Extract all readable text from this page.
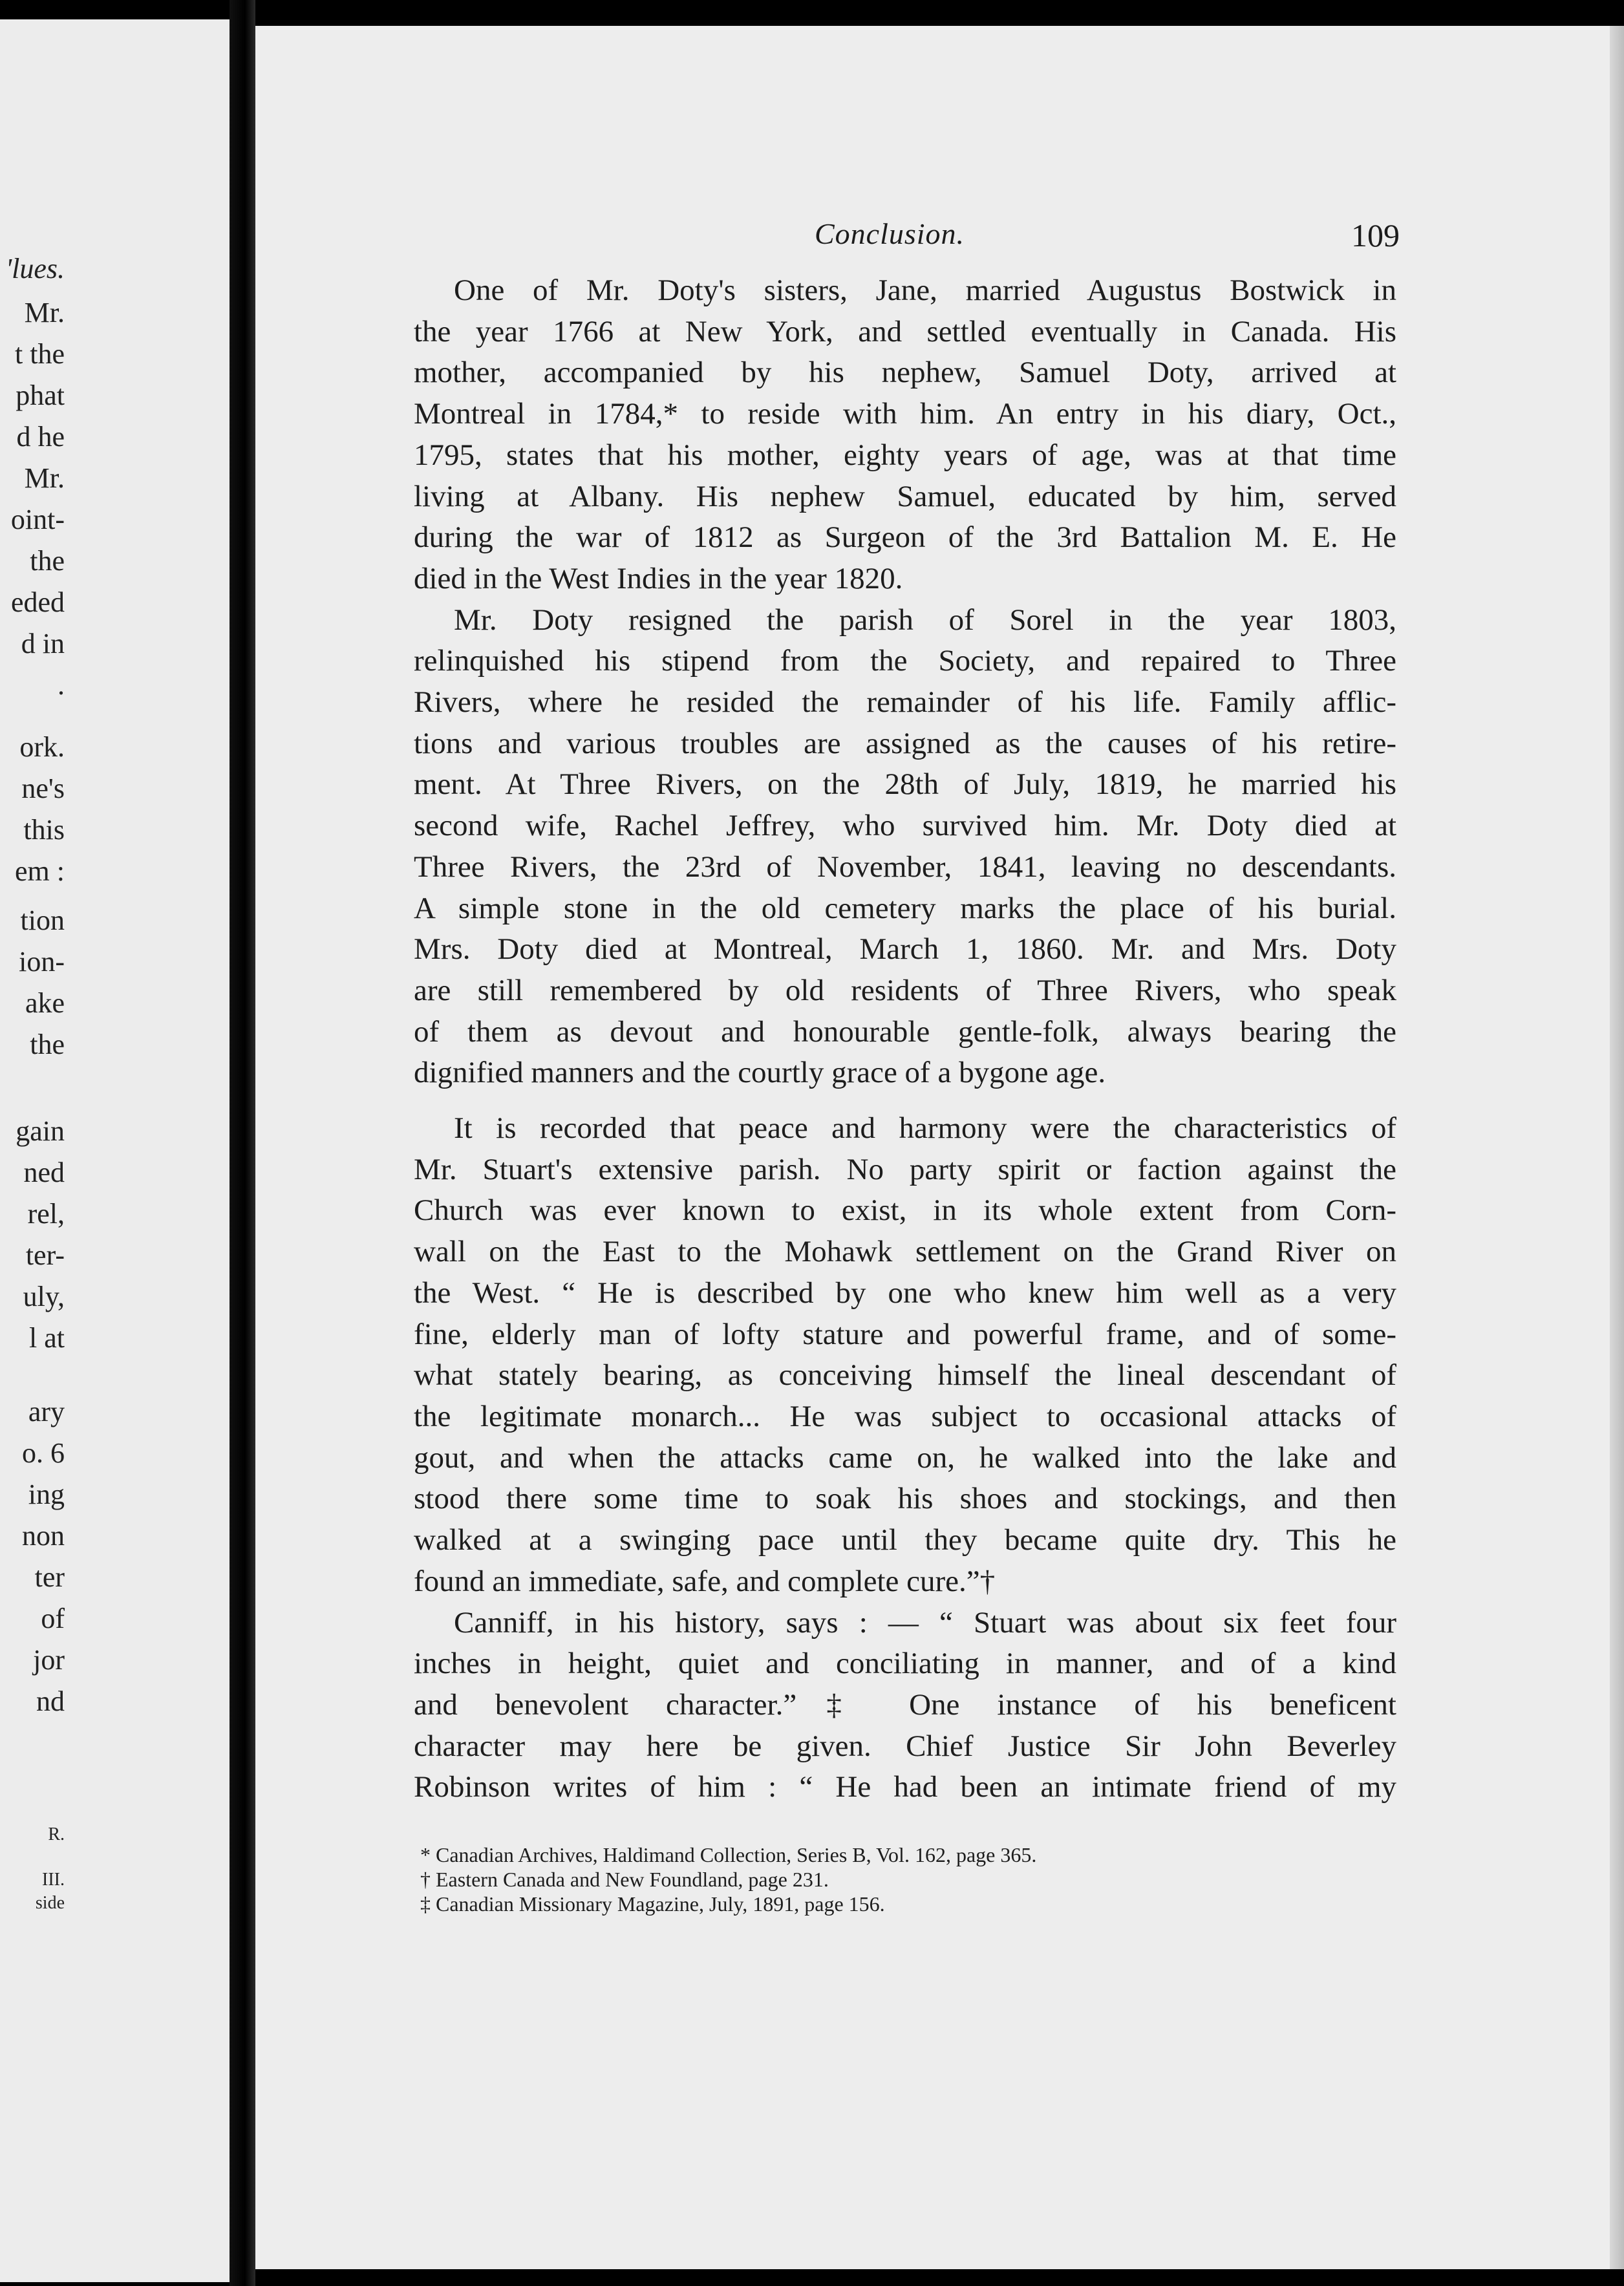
'lues.
Mr.
t the
phat
d he
Mr.
oint-
the
eded
d in
.
ork.
ne's
this
em :
tion
ion-
ake
the
gain
ned
rel,
ter-
uly,
l at
ary
o. 6
ing
non
ter
of
jor
nd
R.
III.
side
Conclusion.	109
One of Mr. Doty's sisters, Jane, married Augustus Bostwick in
the year 1766 at New York, and settled eventually in Canada. His
mother, accompanied by his nephew, Samuel Doty, arrived at
Montreal in 1784,* to reside with him. An entry in his diary, Oct.,
1795, states that his mother, eighty years of age, was at that time
living at Albany. His nephew Samuel, educated by him, served
during the war of 1812 as Surgeon of the 3rd Battalion M. E. He
died in the West Indies in the year 1820.
Mr. Doty resigned the parish of Sorel in the year 1803,
relinquished his stipend from the Society, and repaired to Three
Rivers, where he resided the remainder of his life. Family afflic-
tions and various troubles are assigned as the causes of his retire-
ment. At Three Rivers, on the 28th of July, 1819, he married his
second wife, Rachel Jeffrey, who survived him. Mr. Doty died at
Three Rivers, the 23rd of November, 1841, leaving no descendants.
A simple stone in the old cemetery marks the place of his burial.
Mrs. Doty died at Montreal, March 1, 1860. Mr. and Mrs. Doty
are still remembered by old residents of Three Rivers, who speak
of them as devout and honourable gentle-folk, always bearing the
dignified manners and the courtly grace of a bygone age.
It is recorded that peace and harmony were the characteristics of
Mr. Stuart's extensive parish. No party spirit or faction against the
Church was ever known to exist, in its whole extent from Corn-
wall on the East to the Mohawk settlement on the Grand River on
the West. “ He is described by one who knew him well as a very
fine, elderly man of lofty stature and powerful frame, and of some-
what stately bearing, as conceiving himself the lineal descendant of
the legitimate monarch... He was subject to occasional attacks of
gout, and when the attacks came on, he walked into the lake and
stood there some time to soak his shoes and stockings, and then
walked at a swinging pace until they became quite dry. This he
found an immediate, safe, and complete cure.”†
Canniff, in his history, says : — “ Stuart was about six feet four
inches in height, quiet and conciliating in manner, and of a kind
and benevolent character.”‡ One instance of his beneficent
character may here be given. Chief Justice Sir John Beverley
Robinson writes of him : “ He had been an intimate friend of my
* Canadian Archives, Haldimand Collection, Series B, Vol. 162, page 365.
† Eastern Canada and New Foundland, page 231.
‡ Canadian Missionary Magazine, July, 1891, page 156.
